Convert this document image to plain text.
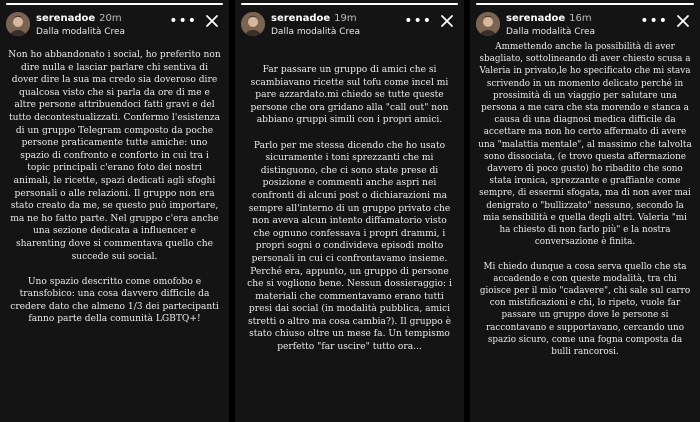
serenadoe 20m
Dalla modalità Crea
•••

Non ho abbandonato i social, ho preferito non dire nulla e lasciar parlare chi sentiva di dover dire la sua ma credo sia doveroso dire qualcosa visto che si parla da ore di me e altre persone attribuendoci fatti gravi e del tutto decontestualizzati. Confermo l'esistenza di un gruppo Telegram composto da poche persone praticamente tutte amiche: uno spazio di confronto e conforto in cui tra i topic principali c'erano foto dei nostri animali, le ricette, spazi dedicati agli sfoghi personali o alle relazioni. Il gruppo non era stato creato da me, se questo può importare, ma ne ho fatto parte. Nel gruppo c'era anche una sezione dedicata a influencer e sharenting dove si commentava quello che succede sui social.

Uno spazio descritto come omofobo e transfobico: una cosa davvero difficile da credere dato che almeno 1/3 dei partecipanti fanno parte della comunità LGBTQ+!

serenadoe 19m
Dalla modalità Crea
•••

Far passare un gruppo di amici che si scambiavano ricette sul tofu come incel mi pare azzardato.mi chiedo se tutte queste persone che ora gridano alla "call out" non abbiano gruppi simili con i propri amici.

Parlo per me stessa dicendo che ho usato sicuramente i toni sprezzanti che mi distinguono, che ci sono state prese di posizione e commenti anche aspri nei confronti di alcuni post o dichiarazioni ma sempre all'interno di un gruppo privato che non aveva alcun intento diffamatorio visto che ognuno confessava i propri drammi, i propri sogni o condivideva episodi molto personali in cui ci confrontavamo insieme. Perché era, appunto, un gruppo di persone che si vogliono bene. Nessun dossieraggio: i materiali che commentavamo erano tutti presi dai social (in modalità pubblica, amici stretti o altro ma cosa cambia?). Il gruppo è stato chiuso oltre un mese fa. Un tempismo perfetto "far uscire" tutto ora...

serenadoe 16m
Dalla modalità Crea
•••

Ammettendo anche la possibilità di aver sbagliato, sottolineando di aver chiesto scusa a Valeria in privato,le ho specificato che mi stava scrivendo in un momento delicato perché in prossimità di un viaggio per salutare una persona a me cara che sta morendo e stanca a causa di una diagnosi medica difficile da accettare ma non ho certo affermato di avere una "malattia mentale", al massimo che talvolta sono dissociata, (e trovo questa affermazione davvero di poco gusto) ho ribadito che sono stata ironica, sprezzante e graffiante come sempre, di essermi sfogata, ma di non aver mai denigrato o "bullizzato" nessuno, secondo la mia sensibilità e quella degli altri. Valeria "mi ha chiesto di non farlo più" e la nostra conversazione è finita.

Mi chiedo dunque a cosa serva quello che sta accadendo e con queste modalità, tra chi gioisce per il mio "cadavere", chi sale sul carro con mistificazioni e chi, lo ripeto, vuole far passare un gruppo dove le persone si raccontavano e supportavano, cercando uno spazio sicuro, come una fogna composta da bulli rancorosi.
